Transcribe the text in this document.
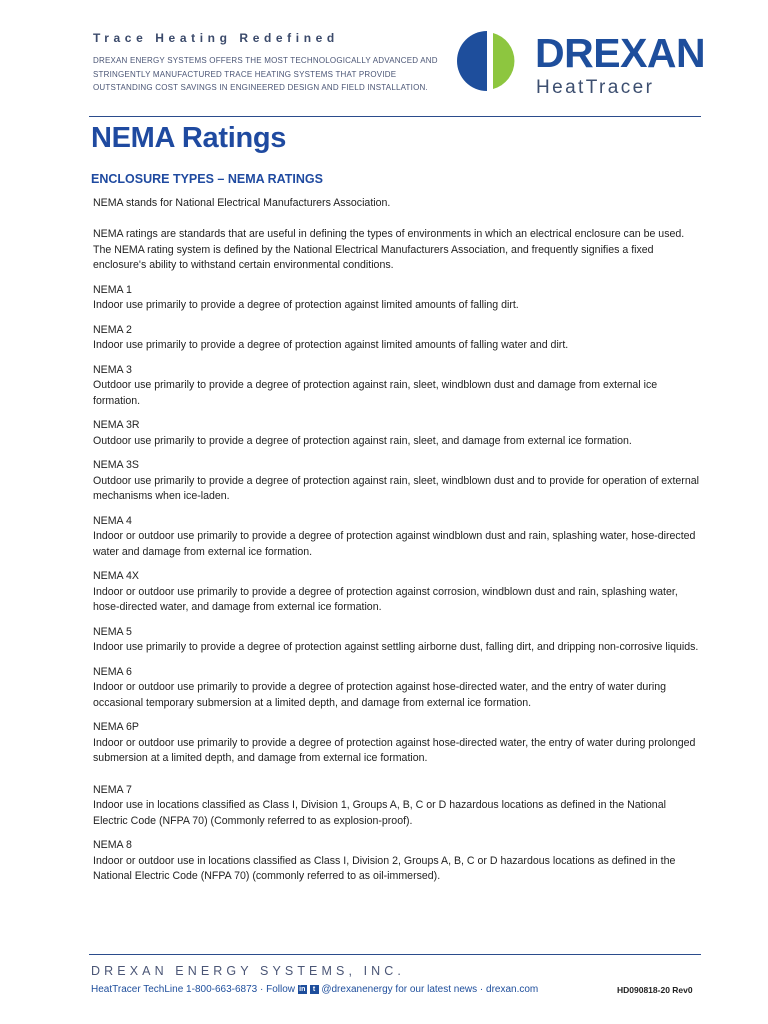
Trace Heating Redefined

DREXAN ENERGY SYSTEMS OFFERS THE MOST TECHNOLOGICALLY ADVANCED AND STRINGENTLY MANUFACTURED TRACE HEATING SYSTEMS THAT PROVIDE OUTSTANDING COST SAVINGS IN ENGINEERED DESIGN AND FIELD INSTALLATION.

DREXAN

HeatTracer

NEMA Ratings
ENCLOSURE TYPES – NEMA RATINGS

NEMA stands for National Electrical Manufacturers Association.

NEMA ratings are standards that are useful in defining the types of environments in which an electrical enclosure can be used. The NEMA rating system is defined by the National Electrical Manufacturers Association, and frequently signifies a fixed enclosure's ability to withstand certain environmental conditions.

NEMA 1

Indoor use primarily to provide a degree of protection against limited amounts of falling dirt.

NEMA 2

Indoor use primarily to provide a degree of protection against limited amounts of falling water and dirt.

NEMA 3

Outdoor use primarily to provide a degree of protection against rain, sleet, windblown dust and damage from external ice formation.

NEMA 3R

Outdoor use primarily to provide a degree of protection against rain, sleet, and damage from external ice formation.

NEMA 3S

Outdoor use primarily to provide a degree of protection against rain, sleet, windblown dust and to provide for operation of external mechanisms when ice-laden.

NEMA 4

Indoor or outdoor use primarily to provide a degree of protection against windblown dust and rain, splashing water, hose-directed water and damage from external ice formation.

NEMA 4X

Indoor or outdoor use primarily to provide a degree of protection against corrosion, windblown dust and rain, splashing water, hose-directed water, and damage from external ice formation.

NEMA 5

Indoor use primarily to provide a degree of protection against settling airborne dust, falling dirt, and dripping non-corrosive liquids.

NEMA 6

Indoor or outdoor use primarily to provide a degree of protection against hose-directed water, and the entry of water during occasional temporary submersion at a limited depth, and damage from external ice formation.

NEMA 6P

Indoor or outdoor use primarily to provide a degree of protection against hose-directed water, the entry of water during prolonged submersion at a limited depth, and damage from external ice formation.

NEMA 7

Indoor use in locations classified as Class I, Division 1, Groups A, B, C or D hazardous locations as defined in the National Electric Code (NFPA 70) (Commonly referred to as explosion-proof).

NEMA 8

Indoor or outdoor use in locations classified as Class I, Division 2, Groups A, B, C or D hazardous locations as defined in the National Electric Code (NFPA 70) (commonly referred to as oil-immersed).

DREXAN ENERGY SYSTEMS, INC.

HeatTracer TechLine 1-800-663-6873 · Follow in t @drexanenergy for our latest news · drexan.com	HD090818-20 Rev0
